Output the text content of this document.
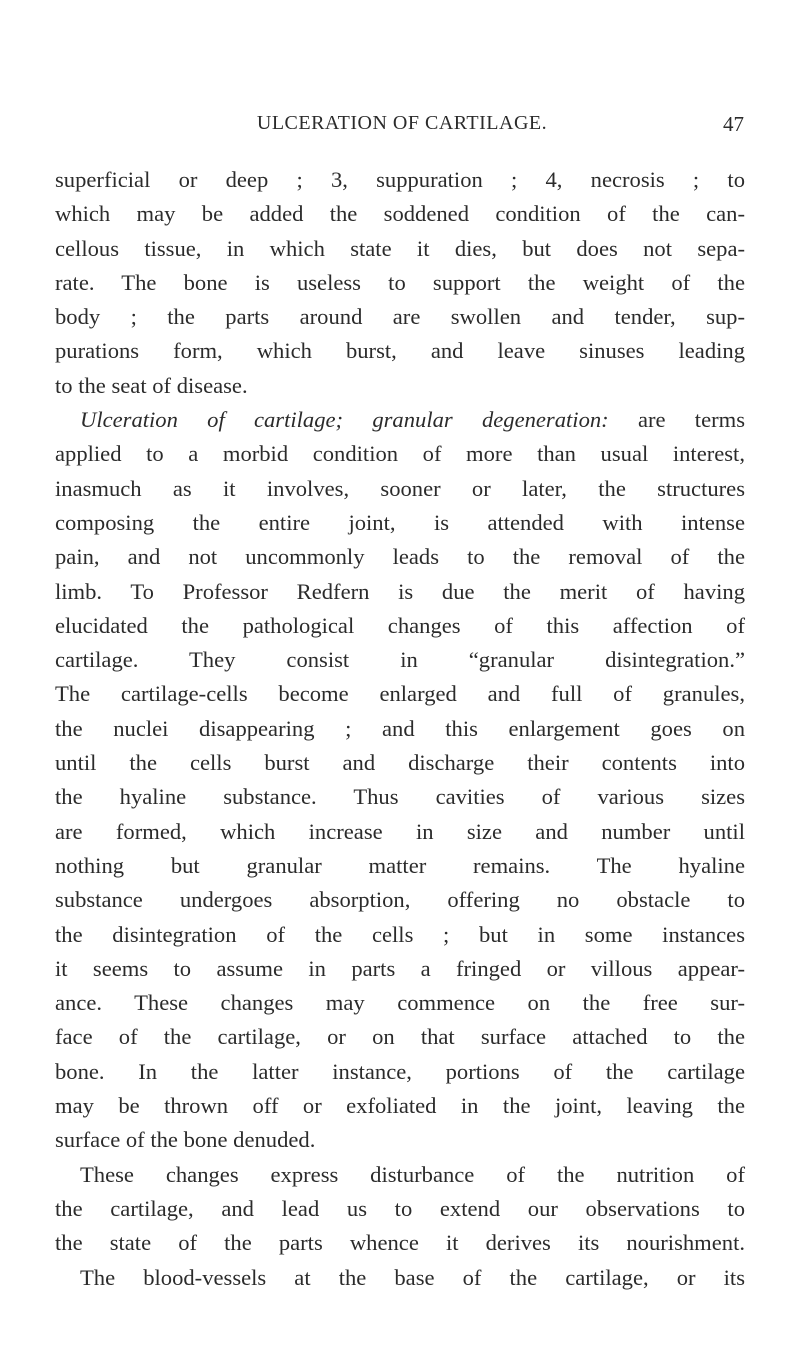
ULCERATION OF CARTILAGE.	47
superficial or deep ; 3, suppuration ; 4, necrosis ; to
which may be added the soddened condition of the can-
cellous tissue, in which state it dies, but does not sepa-
rate. The bone is useless to support the weight of the
body ; the parts around are swollen and tender, sup-
purations form, which burst, and leave sinuses leading
to the seat of disease.
Ulceration of cartilage; granular degeneration: are terms
applied to a morbid condition of more than usual interest,
inasmuch as it involves, sooner or later, the structures
composing the entire joint, is attended with intense
pain, and not uncommonly leads to the removal of the
limb. To Professor Redfern is due the merit of having
elucidated the pathological changes of this affection of
cartilage. They consist in “granular disintegration.”
The cartilage-cells become enlarged and full of granules,
the nuclei disappearing ; and this enlargement goes on
until the cells burst and discharge their contents into
the hyaline substance. Thus cavities of various sizes
are formed, which increase in size and number until
nothing but granular matter remains. The hyaline
substance undergoes absorption, offering no obstacle to
the disintegration of the cells ; but in some instances
it seems to assume in parts a fringed or villous appear-
ance. These changes may commence on the free sur-
face of the cartilage, or on that surface attached to the
bone. In the latter instance, portions of the cartilage
may be thrown off or exfoliated in the joint, leaving the
surface of the bone denuded.
These changes express disturbance of the nutrition of
the cartilage, and lead us to extend our observations to
the state of the parts whence it derives its nourishment.
The blood-vessels at the base of the cartilage, or its
